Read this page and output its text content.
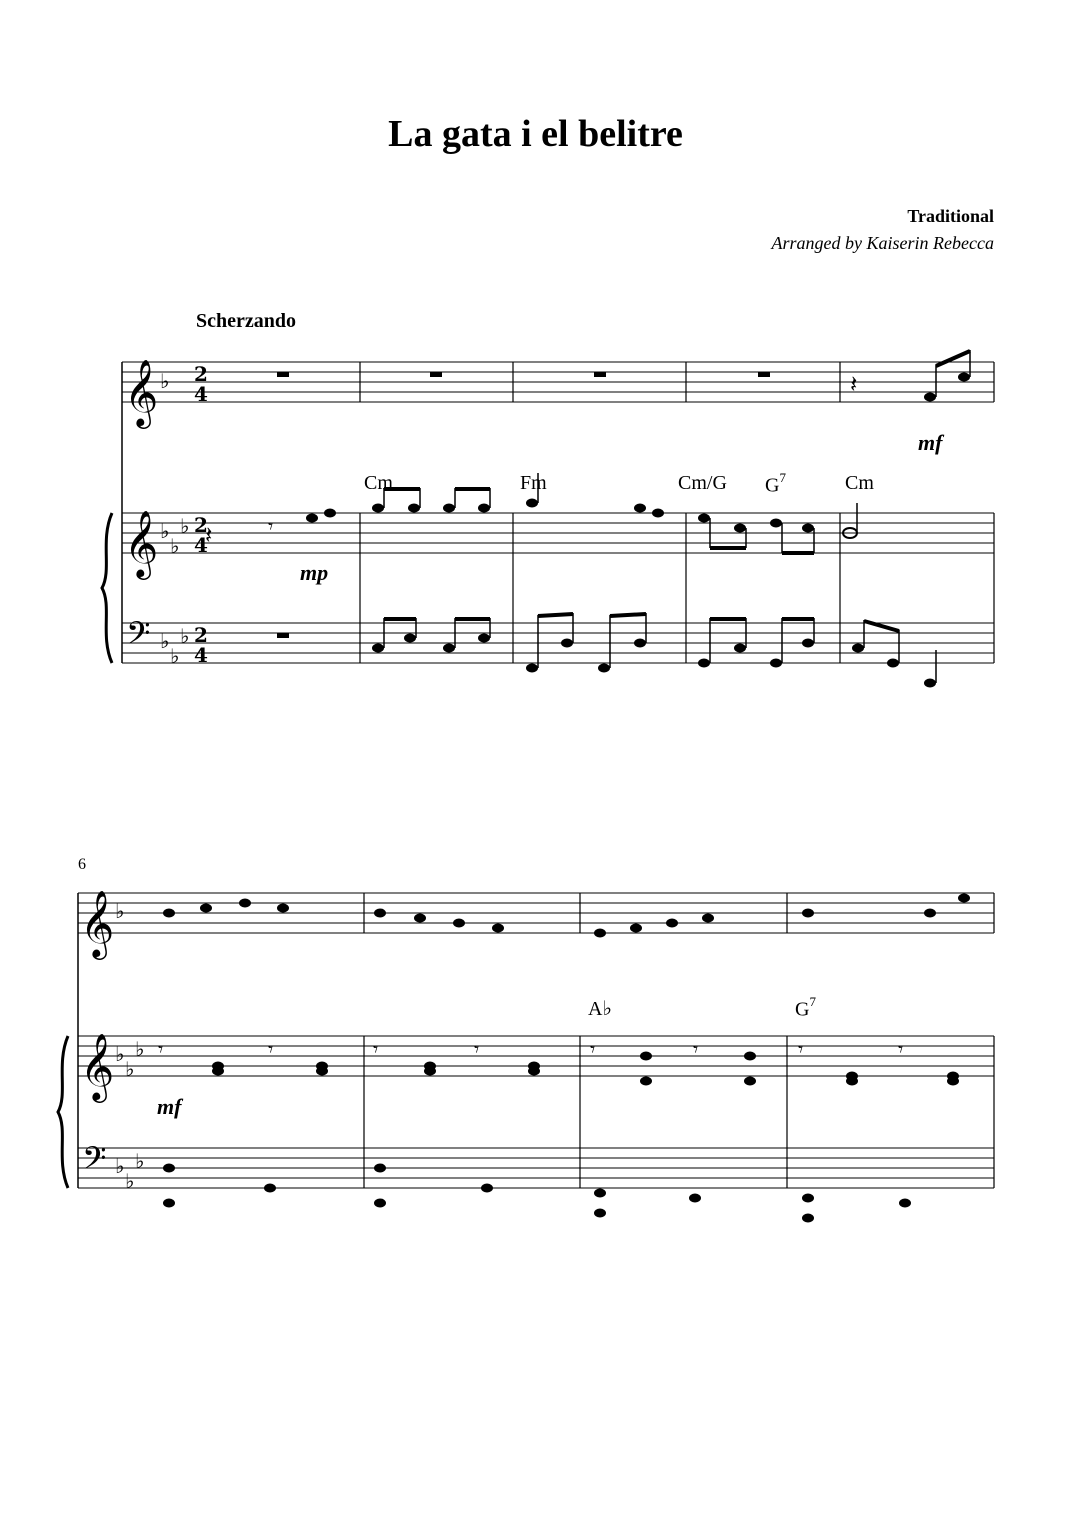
La gata i el belitre
Traditional
Arranged by Kaiserin Rebecca
Scherzando
Cm	Fm	Cm/G $G^7$	Cm
mf
mp
6
A♭	$G^7$
mf
𝄞
𝄞
𝄢
𝄞
𝄞
𝄢
♭
♭
♭
♭
♭
♭
♭
♭
♭
♭
♭
♭
♭
♭
2
4
2
4
2
4
𝄽
𝄽	𝄾
𝄾	𝄾	𝄾	𝄾	𝄾	𝄾	𝄾	𝄾
